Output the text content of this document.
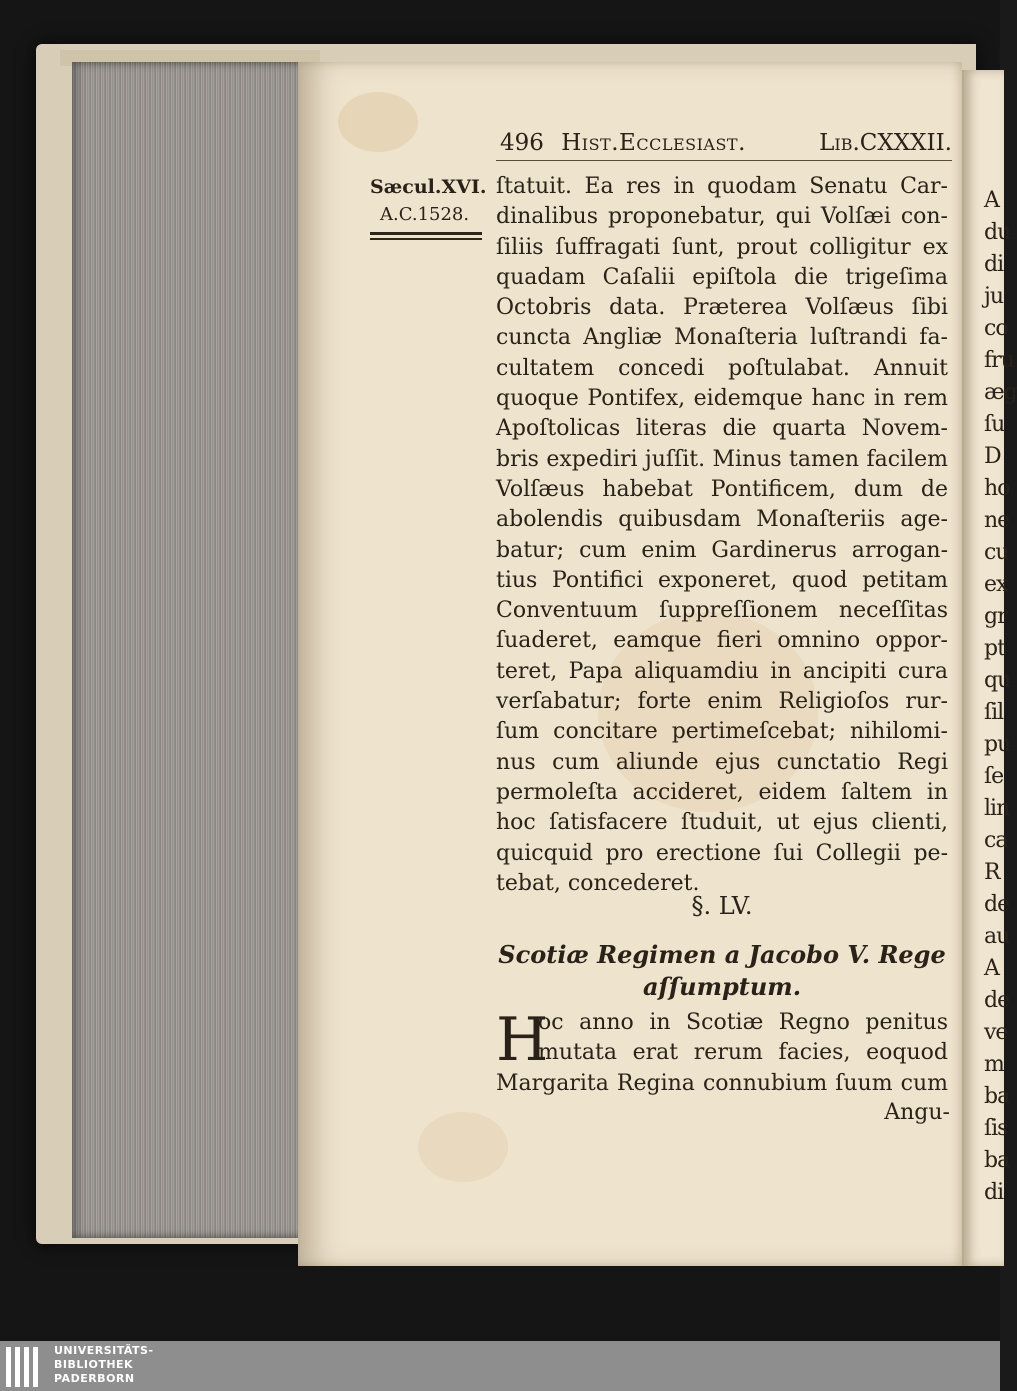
A
du
di
ju
co
fru
æg
ſu
D
ho
ne
cu
ex
gr
pt
qu
ſil
pu
ſe
lin
ca
R
de
au
A
de
ve
m
ba
ſis
ba
di
496 Hist.Ecclesiast.	Lib.CXXXII.
Sæcul.XVI.
A.C.1528.
ſtatuit. Ea res in quodam Senatu Car-
dinalibus proponebatur, qui Volſæi con-
ſiliis ſuffragati ſunt, prout colligitur ex
quadam Caſalii epiſtola die trigeſima
Octobris data. Præterea Volſæus ſibi
cuncta Angliæ Monaſteria luſtrandi fa-
cultatem concedi poſtulabat. Annuit
quoque Pontifex, eidemque hanc in rem
Apoſtolicas literas die quarta Novem-
bris expediri juſſit. Minus tamen facilem
Volſæus habebat Pontificem, dum de
abolendis quibusdam Monaſteriis age-
batur; cum enim Gardinerus arrogan-
tius Pontifici exponeret, quod petitam
Conventuum ſuppreſſionem neceſſitas
ſuaderet, eamque fieri omnino oppor-
teret, Papa aliquamdiu in ancipiti cura
verſabatur; forte enim Religioſos rur-
ſum concitare pertimeſcebat; nihilomi-
nus cum aliunde ejus cunctatio Regi
permoleſta accideret, eidem ſaltem in
hoc ſatisfacere ſtuduit, ut ejus clienti,
quicquid pro erectione ſui Collegii pe-
tebat, concederet.
§. LV.
Scotiæ Regimen a Jacobo V. Rege
aſſumptum.
H
oc anno in Scotiæ Regno penitus
mutata erat rerum facies, eoquod
Margarita Regina connubium ſuum cum
Angu-
UNIVERSITÄTS-
BIBLIOTHEK
PADERBORN
